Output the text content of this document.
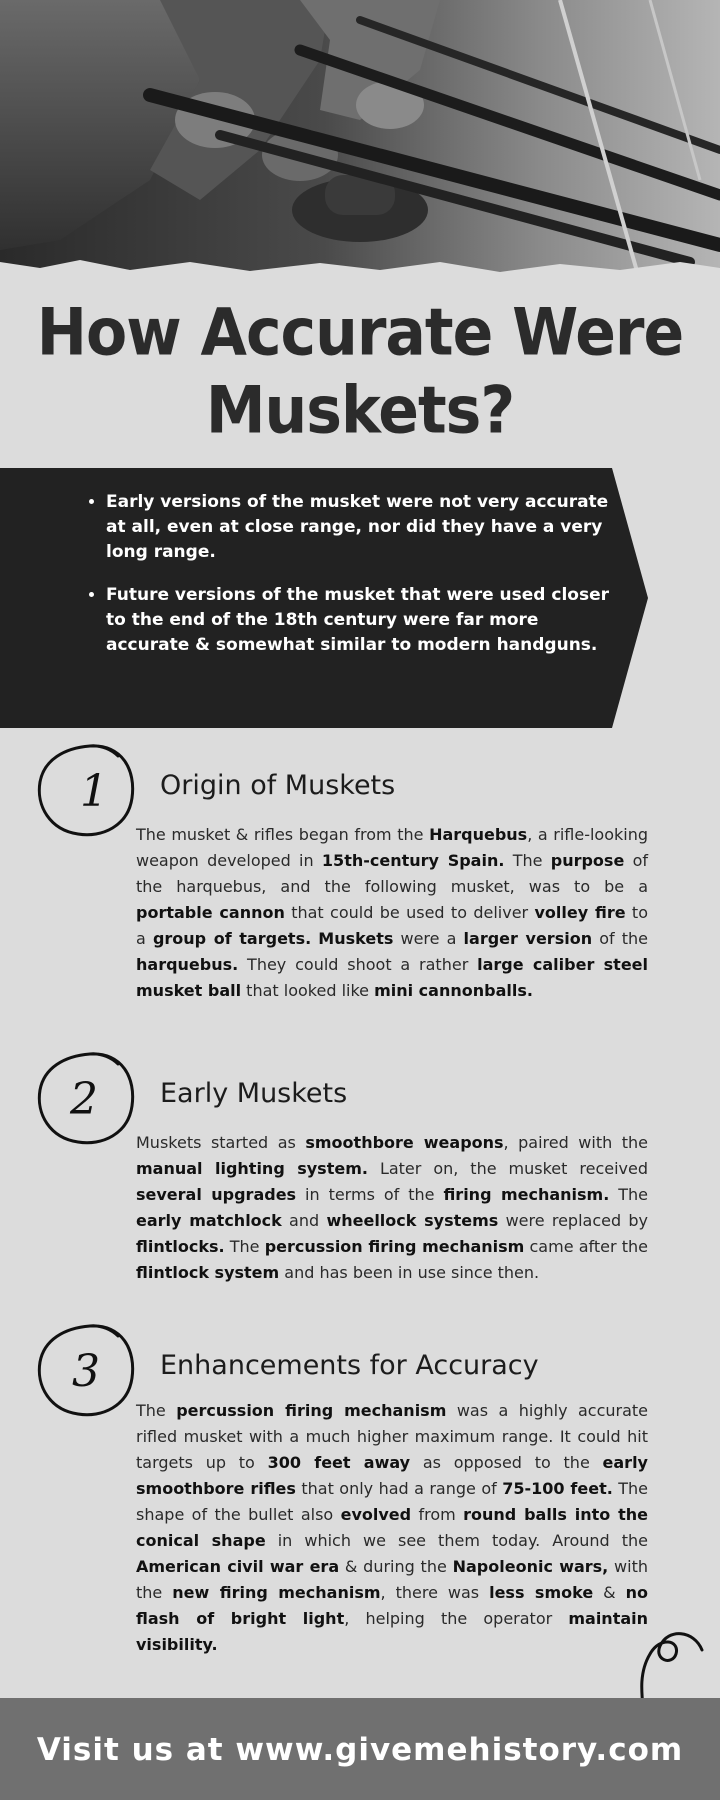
How Accurate Were
Muskets?
• Early versions of the musket were not very accurate at all, even at close range, nor did they have a very long range.
• Future versions of the musket that were used closer to the end of the 18th century were far more accurate & somewhat similar to modern handguns.
1 Origin of Muskets

The musket & rifles began from the Harquebus, a rifle-looking weapon developed in 15th-century Spain. The purpose of the harquebus, and the following musket, was to be a portable cannon that could be used to deliver volley fire to a group of targets. Muskets were a larger version of the harquebus. They could shoot a rather large caliber steel musket ball that looked like mini cannonballs.

2 Early Muskets

Muskets started as smoothbore weapons, paired with the manual lighting system. Later on, the musket received several upgrades in terms of the firing mechanism. The early matchlock and wheellock systems were replaced by flintlocks. The percussion firing mechanism came after the flintlock system and has been in use since then.

3 Enhancements for Accuracy

The percussion firing mechanism was a highly accurate rifled musket with a much higher maximum range. It could hit targets up to 300 feet away as opposed to the early smoothbore rifles that only had a range of 75-100 feet. The shape of the bullet also evolved from round balls into the conical shape in which we see them today. Around the American civil war era & during the Napoleonic wars, with the new firing mechanism, there was less smoke & no flash of bright light, helping the operator maintain visibility.

Visit us at www.givemehistory.com
